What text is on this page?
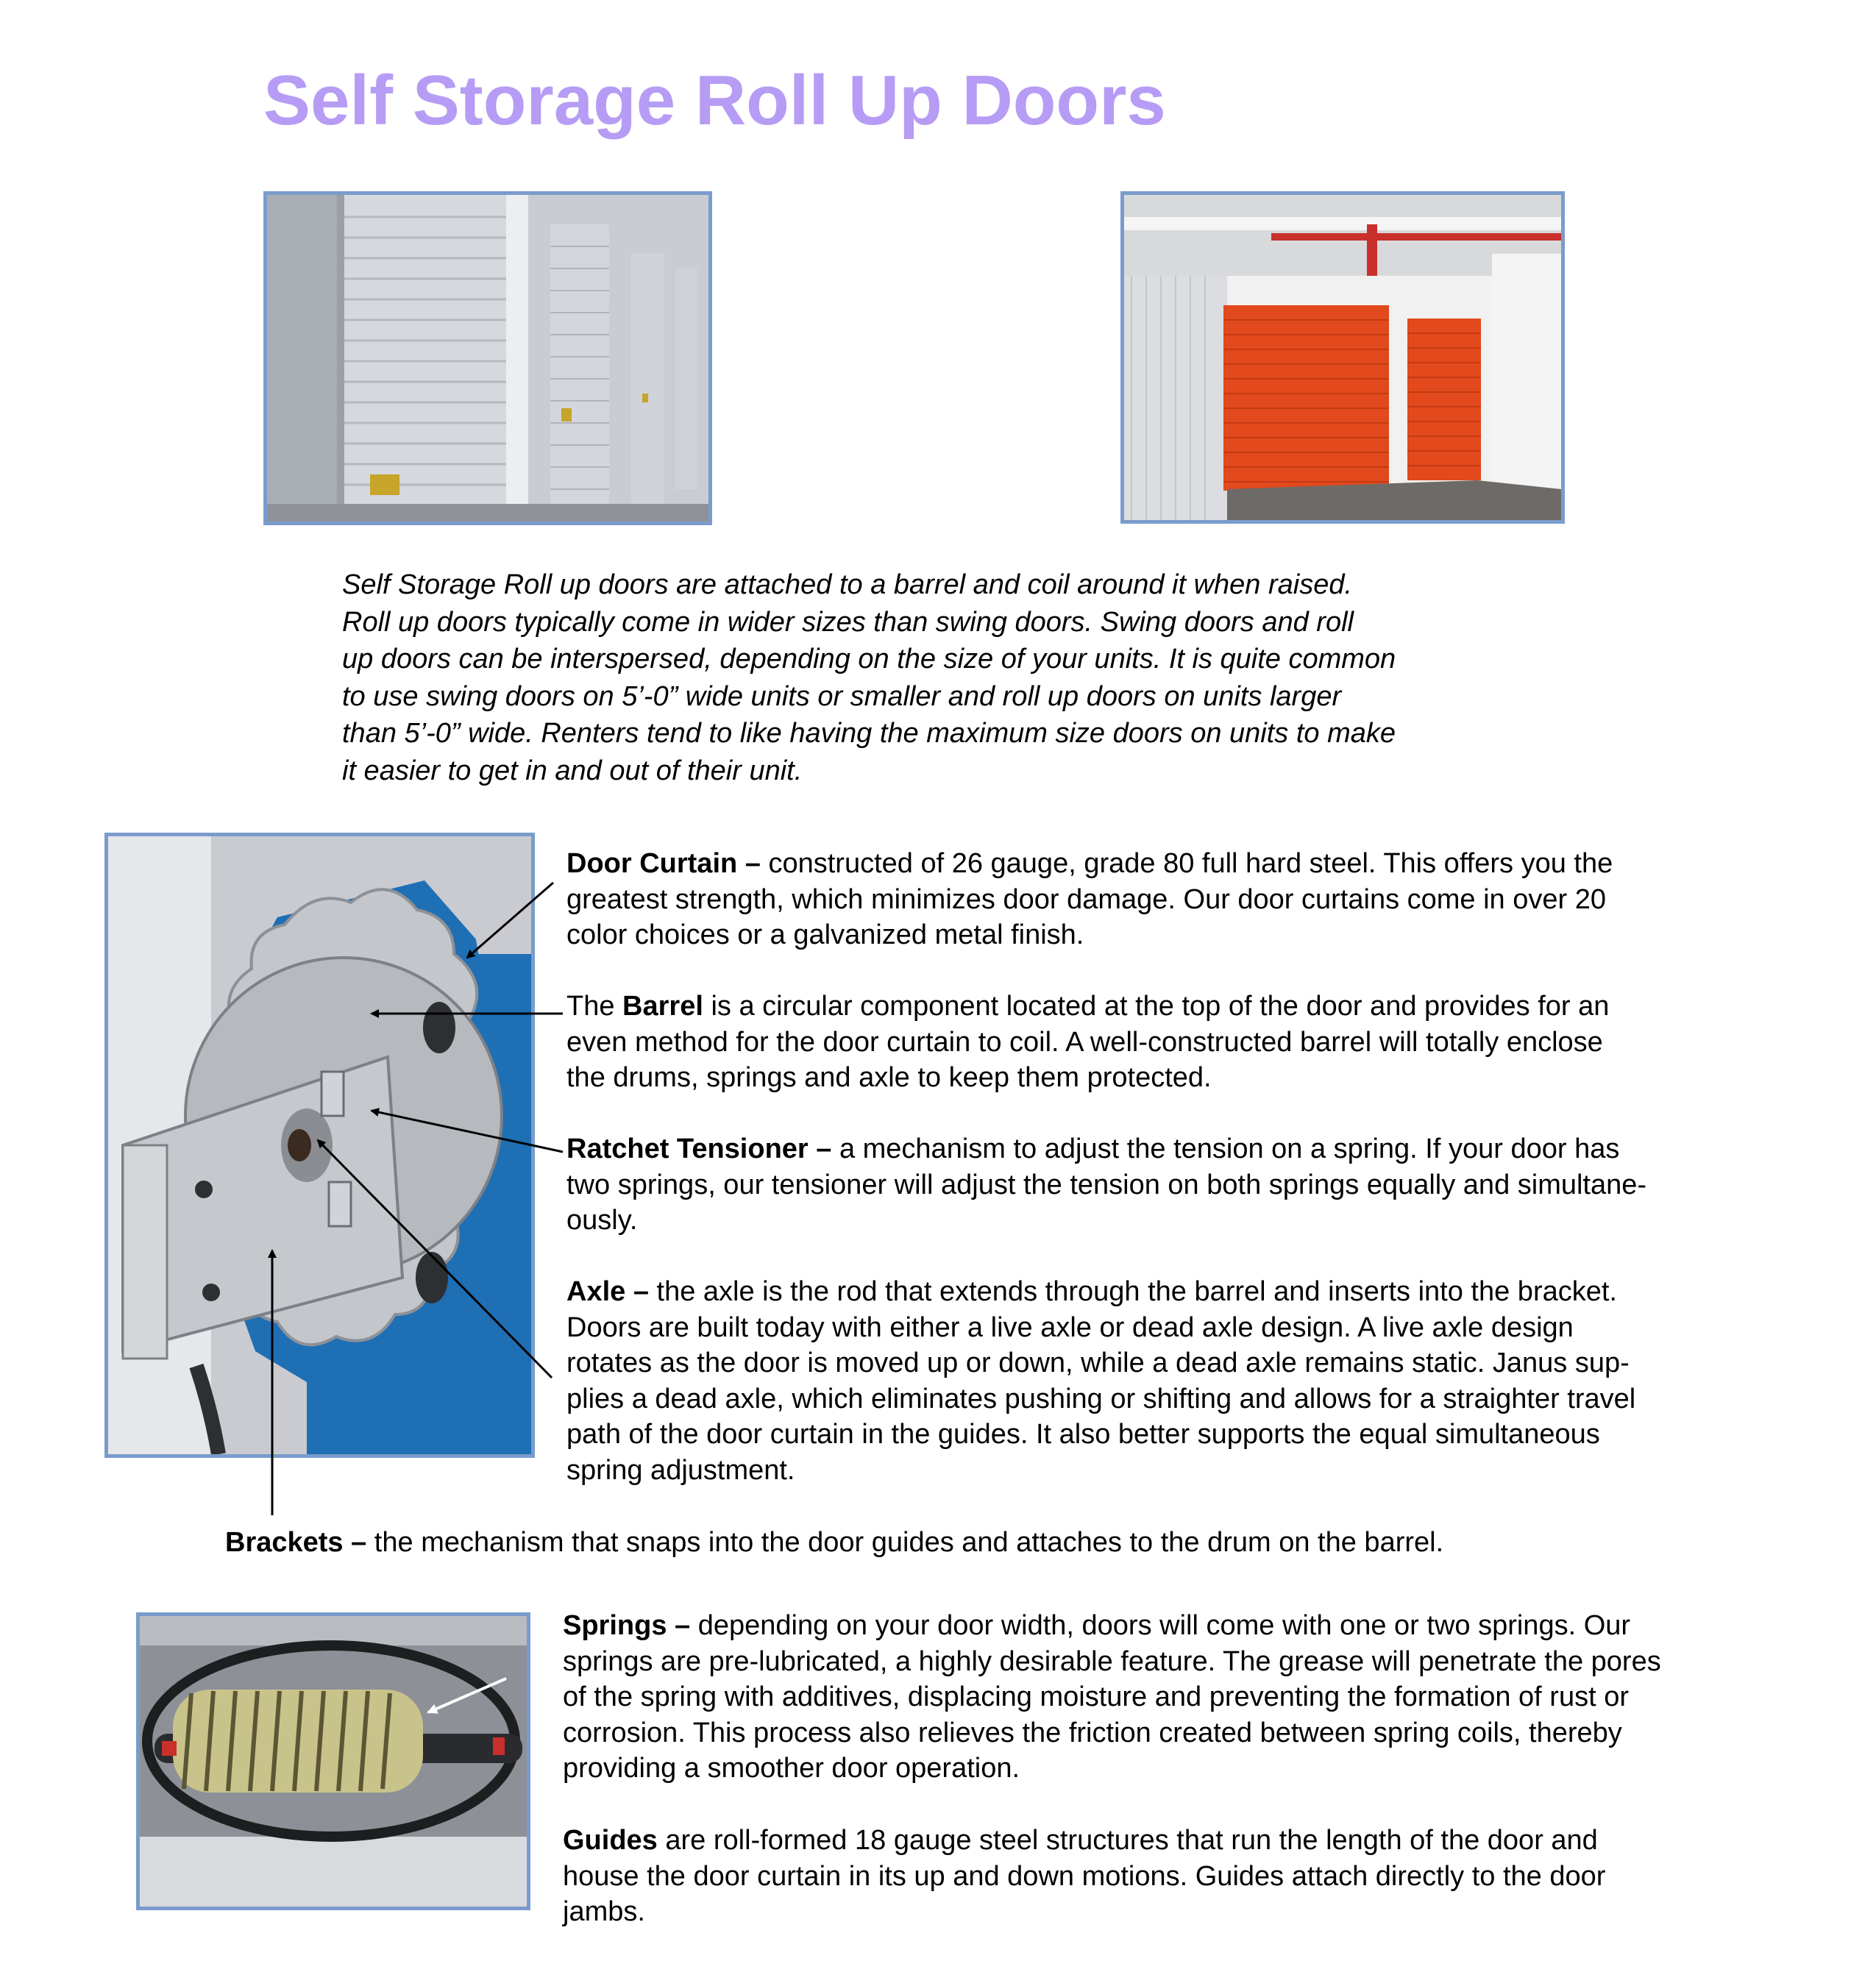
Self Storage Roll Up Doors

Self Storage Roll up doors are attached to a barrel and coil around it when raised.

Roll up doors typically come in wider sizes than swing doors. Swing doors and roll

up doors can be interspersed, depending on the size of your units. It is quite common

to use swing doors on 5’-0” wide units or smaller and roll up doors on units larger

than 5’-0” wide. Renters tend to like having the maximum size doors on units to make

it easier to get in and out of their unit.

Door Curtain – constructed of 26 gauge, grade 80 full hard steel. This offers you the
greatest strength, which minimizes door damage. Our door curtains come in over 20
color choices or a galvanized metal finish.
The Barrel is a circular component located at the top of the door and provides for an
even method for the door curtain to coil. A well-constructed barrel will totally enclose
the drums, springs and axle to keep them protected.
Ratchet Tensioner – a mechanism to adjust the tension on a spring. If your door has
two springs, our tensioner will adjust the tension on both springs equally and simultane-
ously.
Axle – the axle is the rod that extends through the barrel and inserts into the bracket.
Doors are built today with either a live axle or dead axle design. A live axle design
rotates as the door is moved up or down, while a dead axle remains static. Janus sup-
plies a dead axle, which eliminates pushing or shifting and allows for a straighter travel
path of the door curtain in the guides. It also better supports the equal simultaneous
spring adjustment.
Brackets – the mechanism that snaps into the door guides and attaches to the drum on the barrel.
Springs – depending on your door width, doors will come with one or two springs. Our
springs are pre-lubricated, a highly desirable feature. The grease will penetrate the pores
of the spring with additives, displacing moisture and preventing the formation of rust or
corrosion. This process also relieves the friction created between spring coils, thereby
providing a smoother door operation.
Guides are roll-formed 18 gauge steel structures that run the length of the door and
house the door curtain in its up and down motions. Guides attach directly to the door
jambs.
